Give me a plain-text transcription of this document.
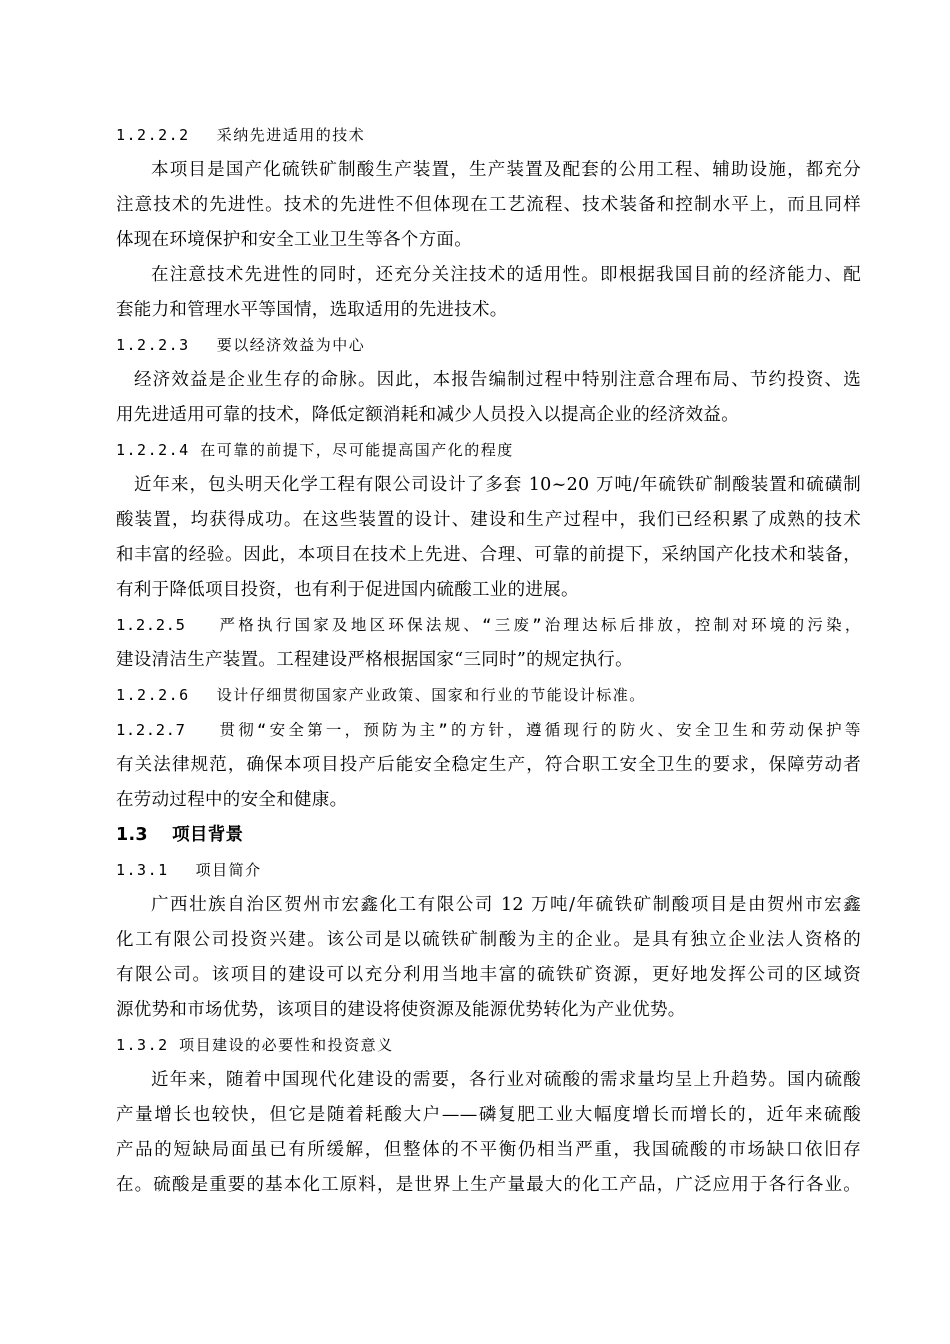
1.2.2.2　 采纳先进适用的技术
本项目是国产化硫铁矿制酸生产装置，生产装置及配套的公用工程、辅助设施，都充分
注意技术的先进性。技术的先进性不但体现在工艺流程、技术装备和控制水平上，而且同样
体现在环境保护和安全工业卫生等各个方面。
在注意技术先进性的同时，还充分关注技术的适用性。即根据我国目前的经济能力、配
套能力和管理水平等国情，选取适用的先进技术。
1.2.2.3　 要以经济效益为中心
经济效益是企业生存的命脉。因此，本报告编制过程中特别注意合理布局、节约投资、选
用先进适用可靠的技术，降低定额消耗和减少人员投入以提高企业的经济效益。
1.2.2.4 在可靠的前提下，尽可能提高国产化的程度
近年来，包头明天化学工程有限公司设计了多套 10~20 万吨/年硫铁矿制酸装置和硫磺制
酸装置，均获得成功。在这些装置的设计、建设和生产过程中，我们已经积累了成熟的技术
和丰富的经验。因此，本项目在技术上先进、合理、可靠的前提下，采纳国产化技术和装备，
有利于降低项目投资，也有利于促进国内硫酸工业的进展。
1.2.2.5　 严格执行国家及地区环保法规、“三废”治理达标后排放，控制对环境的污染，
建设清洁生产装置。工程建设严格根据国家“三同时”的规定执行。
1.2.2.6　 设计仔细贯彻国家产业政策、国家和行业的节能设计标准。
1.2.2.7　 贯彻“安全第一，预防为主”的方针，遵循现行的防火、安全卫生和劳动保护等
有关法律规范，确保本项目投产后能安全稳定生产，符合职工安全卫生的要求，保障劳动者
在劳动过程中的安全和健康。
1.3　 项目背景
1.3.1　 项目简介
广西壮族自治区贺州市宏鑫化工有限公司 12 万吨/年硫铁矿制酸项目是由贺州市宏鑫
化工有限公司投资兴建。该公司是以硫铁矿制酸为主的企业。是具有独立企业法人资格的
有限公司。该项目的建设可以充分利用当地丰富的硫铁矿资源，更好地发挥公司的区域资
源优势和市场优势，该项目的建设将使资源及能源优势转化为产业优势。
1.3.2 项目建设的必要性和投资意义
近年来，随着中国现代化建设的需要，各行业对硫酸的需求量均呈上升趋势。国内硫酸
产量增长也较快，但它是随着耗酸大户——磷复肥工业大幅度增长而增长的，近年来硫酸
产品的短缺局面虽已有所缓解，但整体的不平衡仍相当严重，我国硫酸的市场缺口依旧存
在。硫酸是重要的基本化工原料，是世界上生产量最大的化工产品，广泛应用于各行各业。
